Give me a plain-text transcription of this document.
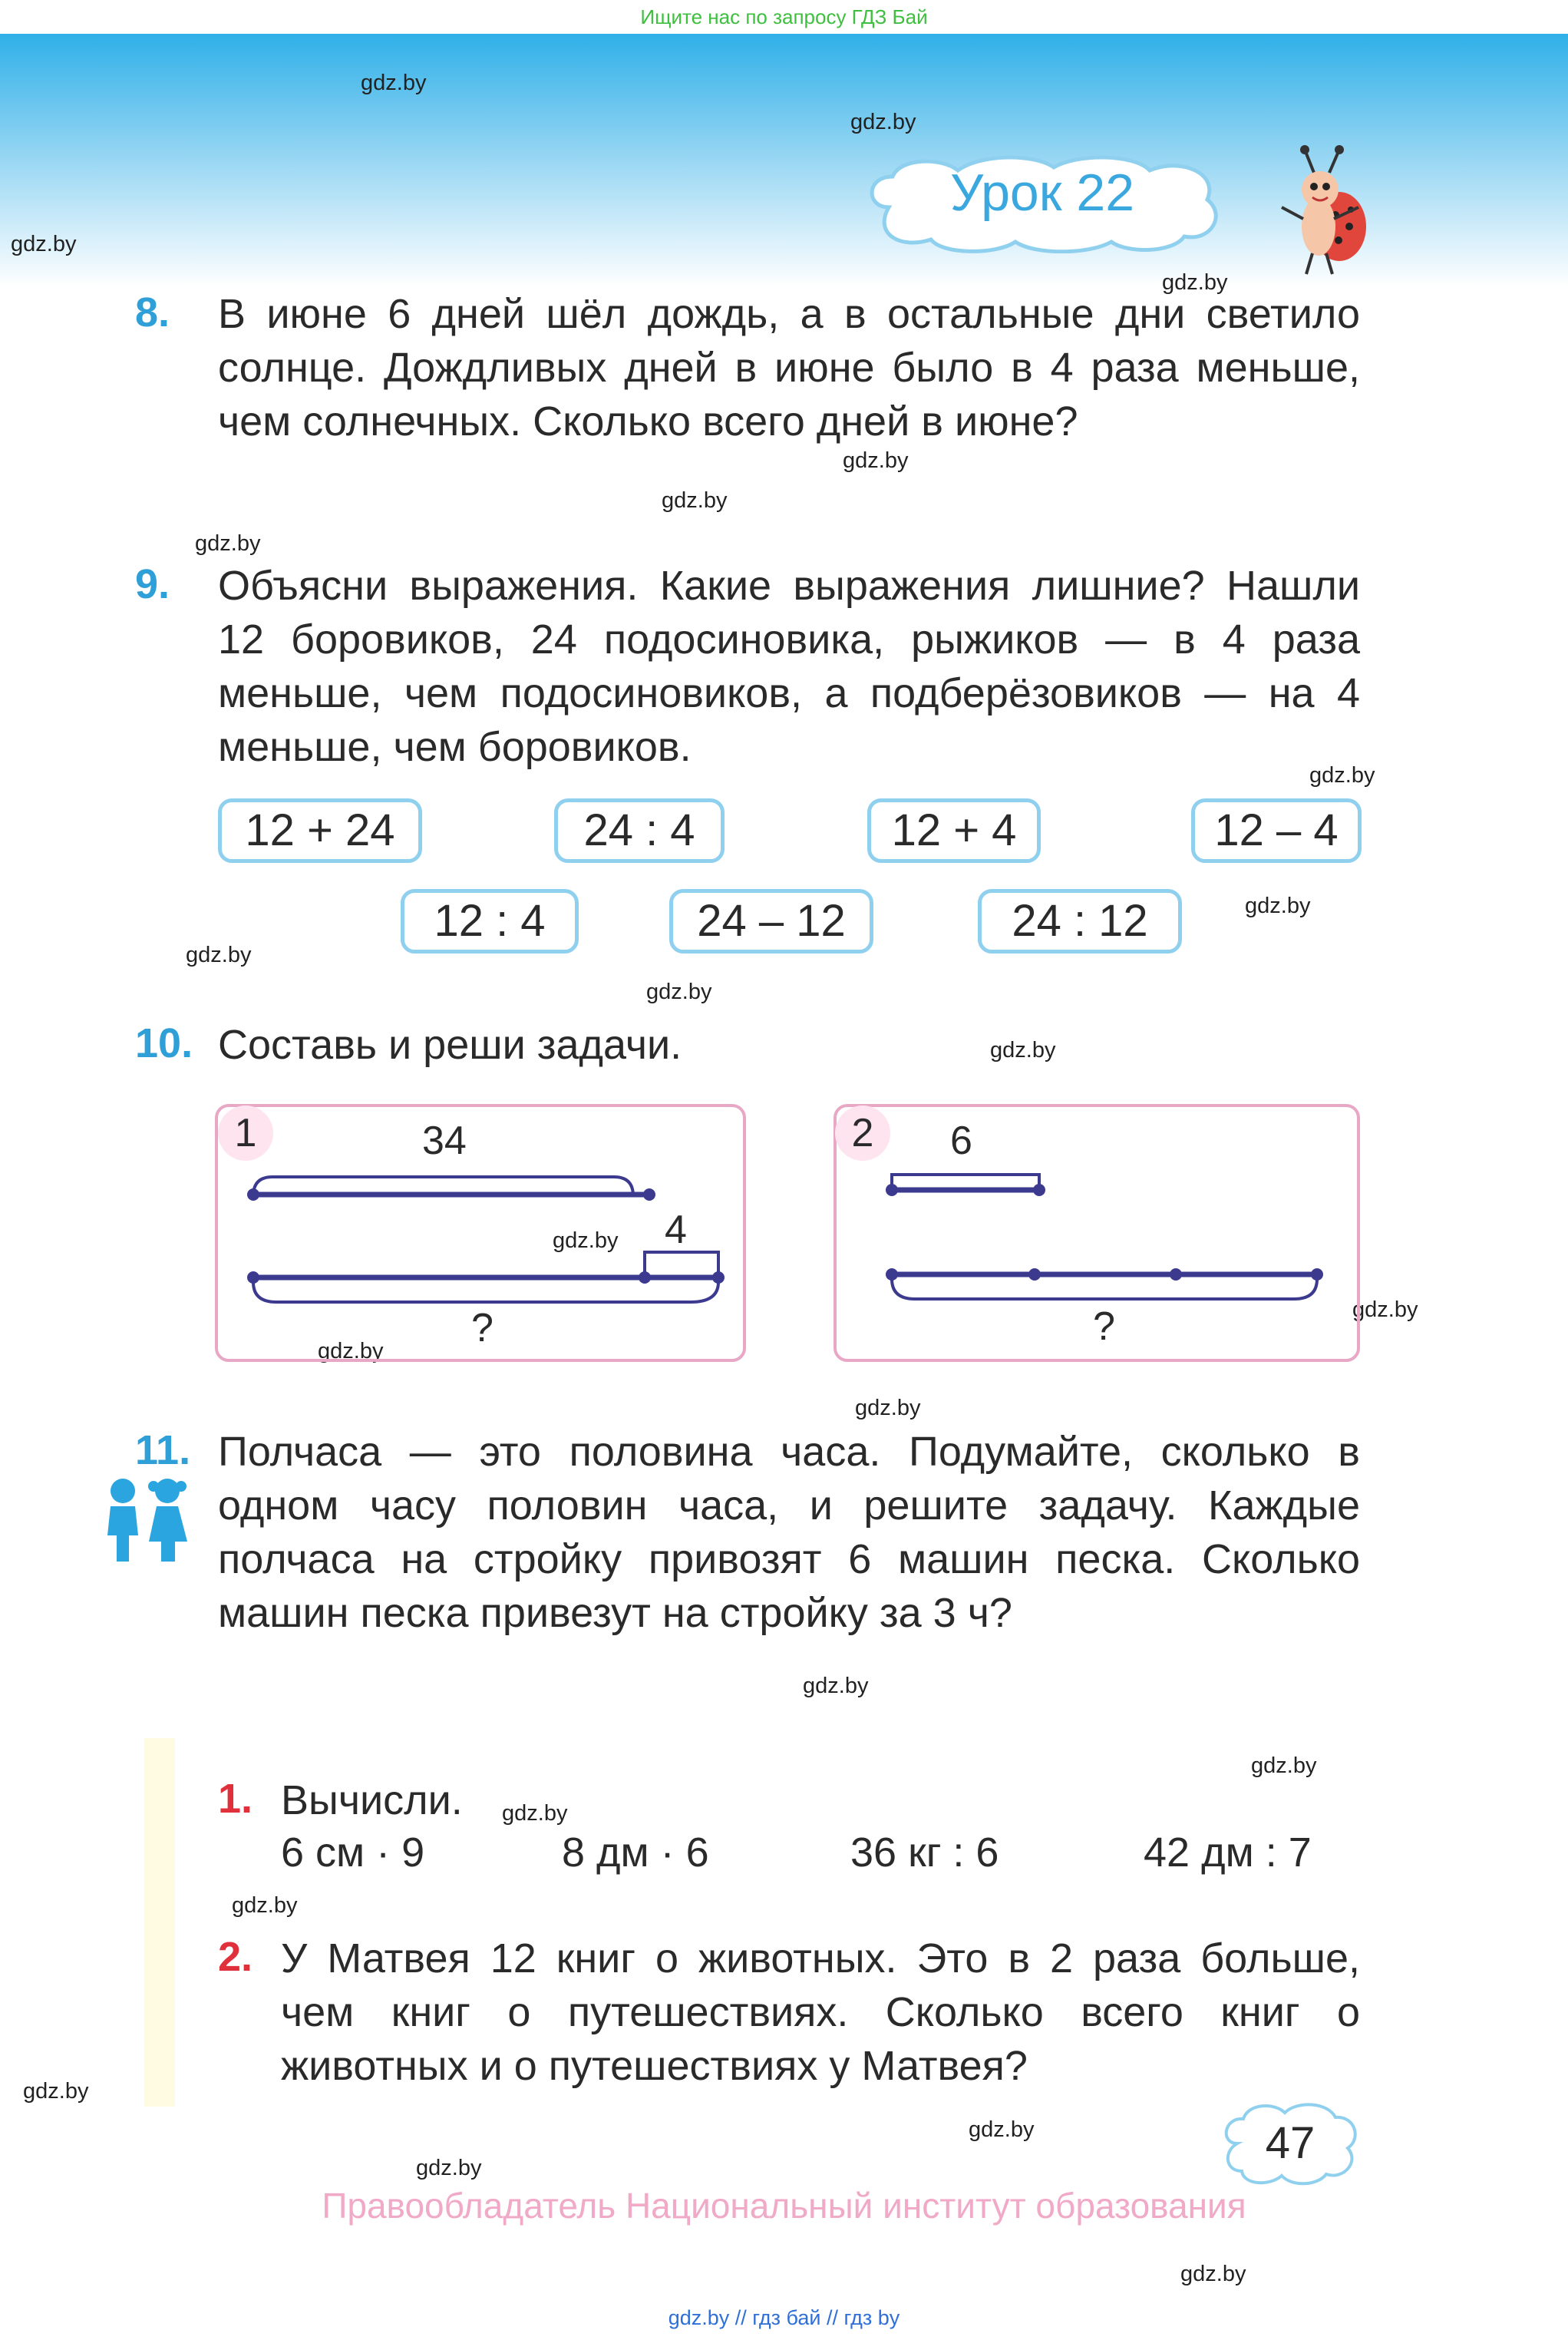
Ищите нас по запросу ГДЗ Бай
Урок 22
gdz.by
gdz.by
gdz.by
gdz.by
gdz.by
gdz.by
gdz.by
gdz.by
gdz.by
gdz.by
gdz.by
gdz.by
gdz.by
gdz.by
gdz.by
gdz.by
gdz.by
gdz.by
gdz.by
gdz.by
gdz.by
gdz.by
gdz.by
gdz.by
8. В июне 6 дней шёл дождь, а в остальные дни светило солнце. Дождливых дней в июне было в 4 раза меньше, чем солнечных. Сколько всего дней в июне?
9. Объясни выражения. Какие выражения лишние? Нашли 12 боровиков, 24 подосиновика, рыжиков — в 4 раза меньше, чем подосиновиков, а подберёзовиков — на 4 меньше, чем боровиков.
12 + 24	24 : 4	12 + 4	12 – 4
12 : 4	24 – 12	24 : 12
10. Составь и реши задачи.
1	34
4
?
2	6
?
11. Полчаса — это половина часа. Подумайте, сколько в одном часу половин часа, и решите задачу. Каждые полчаса на стройку привозят 6 машин песка. Сколько машин песка привезут на стройку за 3 ч?
1. Вычисли.
6 см · 9	8 дм · 6	36 кг : 6	42 дм : 7
2. У Матвея 12 книг о животных. Это в 2 раза больше, чем книг о путешествиях. Сколько всего книг о животных и о путешествиях у Матвея?
47
Правообладатель Национальный институт образования
gdz.by // гдз бай // гдз by
